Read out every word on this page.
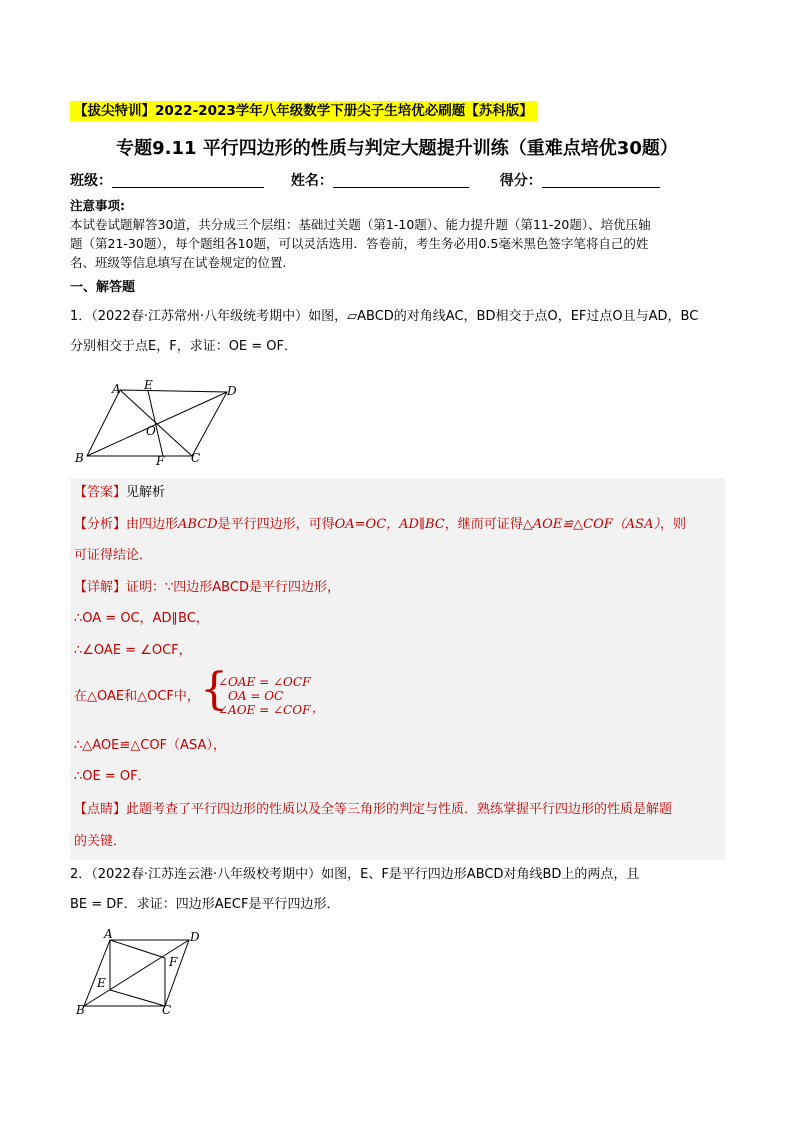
【拔尖特训】2022-2023学年八年级数学下册尖子生培优必刷题【苏科版】
专题9.11 平行四边形的性质与判定大题提升训练（重难点培优30题）
班级：	姓名：	得分：
注意事项:
本试卷试题解答30道，共分成三个层组：基础过关题（第1-10题）、能力提升题（第11-20题）、培优压轴
题（第21-30题），每个题组各10题，可以灵活选用．答卷前，考生务必用0.5毫米黑色签字笔将自己的姓
名、班级等信息填写在试卷规定的位置.
一、解答题
1．（2022春·江苏常州·八年级统考期中）如图，▱ABCD的对角线AC，BD相交于点O，EF过点O且与AD，BC
分别相交于点E，F，求证：OE = OF．
A E	D
O
B	F C
【答案】见解析
【分析】由四边形ABCD是平行四边形，可得OA=OC，AD∥BC，继而可证得△AOE≌△COF（ASA），则
可证得结论．
【详解】证明：∵四边形ABCD是平行四边形，
∴OA = OC，AD∥BC，
∴∠OAE = ∠OCF，
在△OAE和△OCF中， {
∠OAE = ∠OCF
OA = OC
∠AOE = ∠COF ，
∴△AOE≌△COF（ASA），
∴OE = OF．
【点睛】此题考查了平行四边形的性质以及全等三角形的判定与性质．熟练掌握平行四边形的性质是解题
的关键．
2．（2022春·江苏连云港·八年级校考期中）如图，E、F是平行四边形ABCD对角线BD上的两点，且
BE = DF．求证：四边形AECF是平行四边形．
A	D
F
E
B	C
